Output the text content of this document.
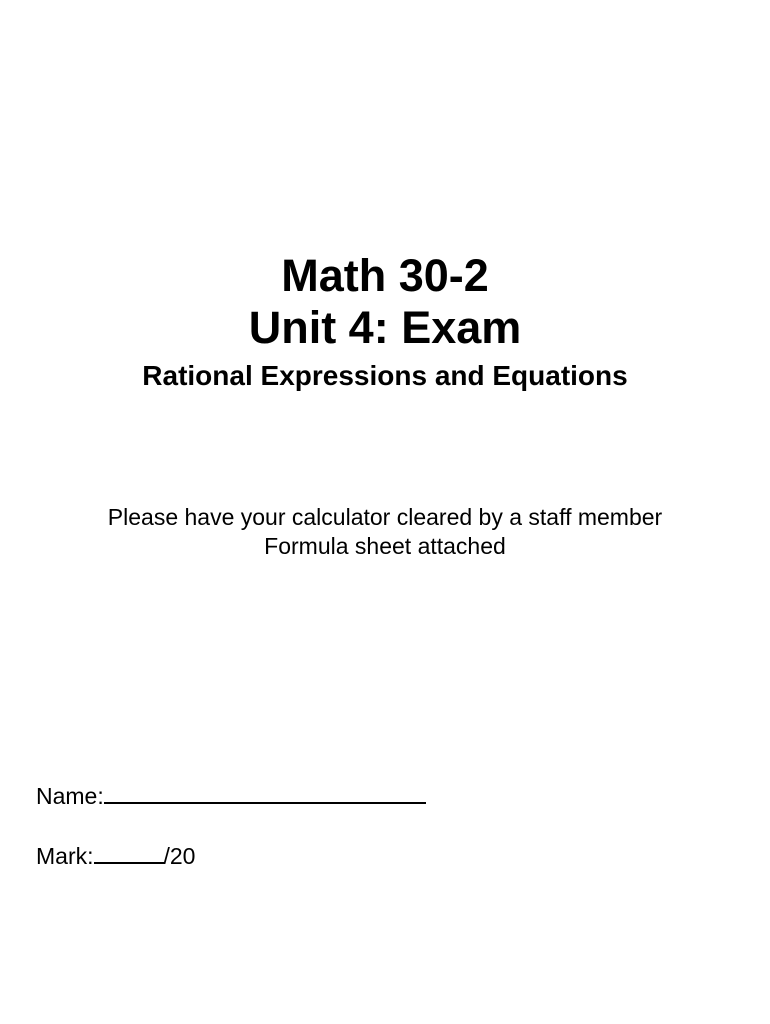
Math 30-2
Unit 4: Exam
Rational Expressions and Equations
Please have your calculator cleared by a staff member
Formula sheet attached
Name:
Mark:	/20
